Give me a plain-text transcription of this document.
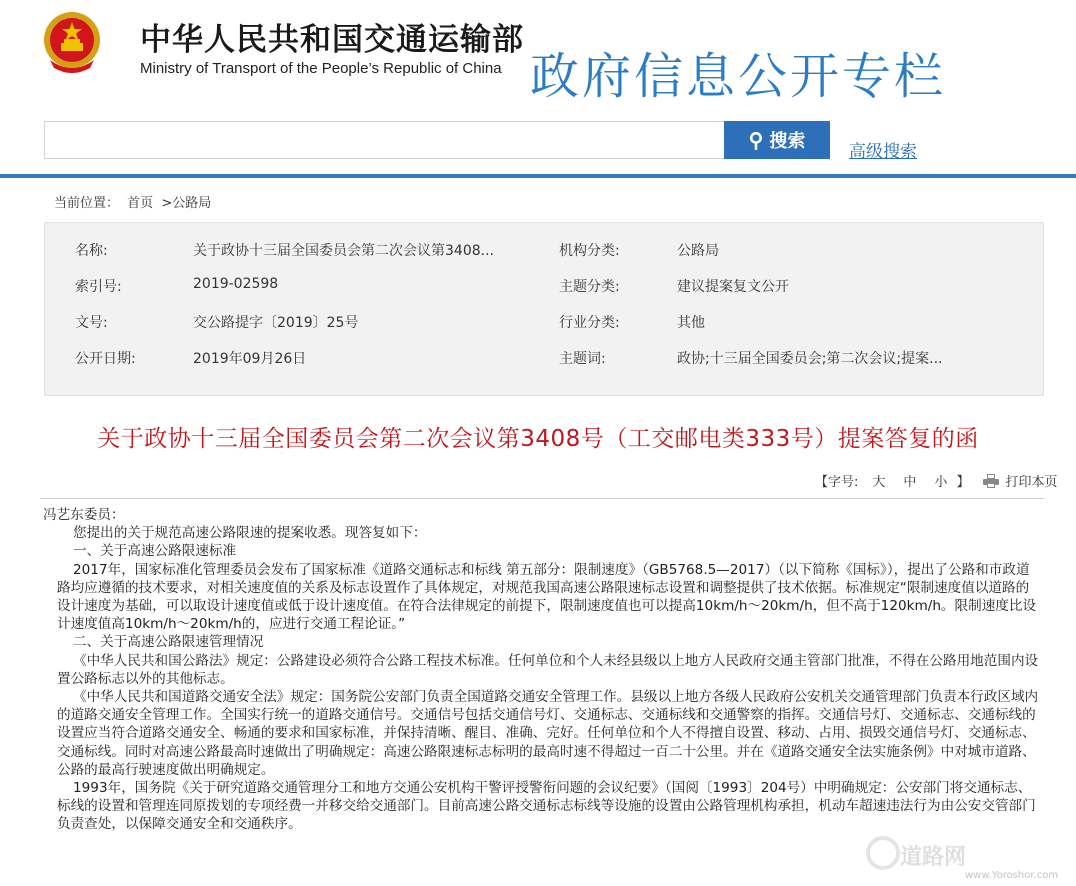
中华人民共和国交通运输部
Ministry of Transport of the People’s Republic of China 政府信息公开专栏
⚲ 搜索
高级搜索
当前位置： 首页 >公路局
名称:	关于政协十三届全国委员会第二次会议第3408...	机构分类:	公路局
索引号:	2019-02598	主题分类:	建议提案复文公开
文号:	交公路提字〔2019〕25号	行业分类:	其他
公开日期:	2019年09月26日	主题词:	政协;十三届全国委员会;第二次会议;提案...
关于政协十三届全国委员会第二次会议第3408号（工交邮电类333号）提案答复的函
【字号: 大 中 小 】	打印本页

冯艺东委员：

您提出的关于规范高速公路限速的提案收悉。现答复如下：

一、关于高速公路限速标准

2017年，国家标准化管理委员会发布了国家标准《道路交通标志和标线 第五部分：限制速度》（GB5768.5—2017）（以下简称《国标》），提出了公路和市政道路均应遵循的技术要求，对相关速度值的关系及标志设置作了具体规定，对规范我国高速公路限速标志设置和调整提供了技术依据。标准规定“限制速度值以道路的设计速度为基础，可以取设计速度值或低于设计速度值。在符合法律规定的前提下，限制速度值也可以提高10km/h～20km/h，但不高于120km/h。限制速度比设计速度值高10km/h～20km/h的，应进行交通工程论证。”

二、关于高速公路限速管理情况

《中华人民共和国公路法》规定：公路建设必须符合公路工程技术标准。任何单位和个人未经县级以上地方人民政府交通主管部门批准，不得在公路用地范围内设置公路标志以外的其他标志。

《中华人民共和国道路交通安全法》规定：国务院公安部门负责全国道路交通安全管理工作。县级以上地方各级人民政府公安机关交通管理部门负责本行政区域内的道路交通安全管理工作。全国实行统一的道路交通信号。交通信号包括交通信号灯、交通标志、交通标线和交通警察的指挥。交通信号灯、交通标志、交通标线的设置应当符合道路交通安全、畅通的要求和国家标准，并保持清晰、醒目、准确、完好。任何单位和个人不得擅自设置、移动、占用、损毁交通信号灯、交通标志、交通标线。同时对高速公路最高时速做出了明确规定：高速公路限速标志标明的最高时速不得超过一百二十公里。并在《道路交通安全法实施条例》中对城市道路、公路的最高行驶速度做出明确规定。

1993年，国务院《关于研究道路交通管理分工和地方交通公安机构干警评授警衔问题的会议纪要》（国阅〔1993〕204号）中明确规定：公安部门将交通标志、标线的设置和管理连同原拨划的专项经费一并移交给交通部门。目前高速公路交通标志标线等设施的设置由公路管理机构承担，机动车超速违法行为由公安交管部门负责查处，以保障交通安全和交通秩序。

道路网
www.Yoroshor.com
